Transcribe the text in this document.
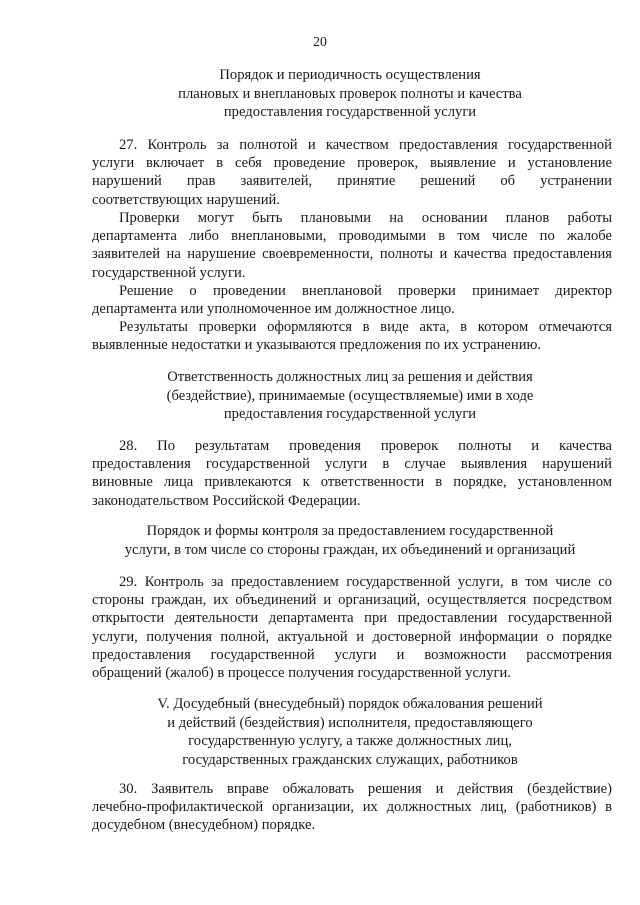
20
Порядок и периодичность осуществления
плановых и внеплановых проверок полноты и качества
предоставления государственной услуги
27. Контроль за полнотой и качеством предоставления государственной
услуги включает в себя проведение проверок, выявление и установление
нарушений прав заявителей, принятие решений об устранении
соответствующих нарушений.
Проверки могут быть плановыми на основании планов работы
департамента либо внеплановыми, проводимыми в том числе по жалобе
заявителей на нарушение своевременности, полноты и качества предоставления
государственной услуги.
Решение о проведении внеплановой проверки принимает директор
департамента или уполномоченное им должностное лицо.
Результаты проверки оформляются в виде акта, в котором отмечаются
выявленные недостатки и указываются предложения по их устранению.
Ответственность должностных лиц за решения и действия
(бездействие), принимаемые (осуществляемые) ими в ходе
предоставления государственной услуги
28. По результатам проведения проверок полноты и качества
предоставления государственной услуги в случае выявления нарушений
виновные лица привлекаются к ответственности в порядке, установленном
законодательством Российской Федерации.
Порядок и формы контроля за предоставлением государственной
услуги, в том числе со стороны граждан, их объединений и организаций
29. Контроль за предоставлением государственной услуги, в том числе со
стороны граждан, их объединений и организаций, осуществляется посредством
открытости деятельности департамента при предоставлении государственной
услуги, получения полной, актуальной и достоверной информации о порядке
предоставления государственной услуги и возможности рассмотрения
обращений (жалоб) в процессе получения государственной услуги.
V. Досудебный (внесудебный) порядок обжалования решений
и действий (бездействия) исполнителя, предоставляющего
государственную услугу, а также должностных лиц,
государственных гражданских служащих, работников
30. Заявитель вправе обжаловать решения и действия (бездействие)
лечебно-профилактической организации, их должностных лиц, (работников) в
досудебном (внесудебном) порядке.
